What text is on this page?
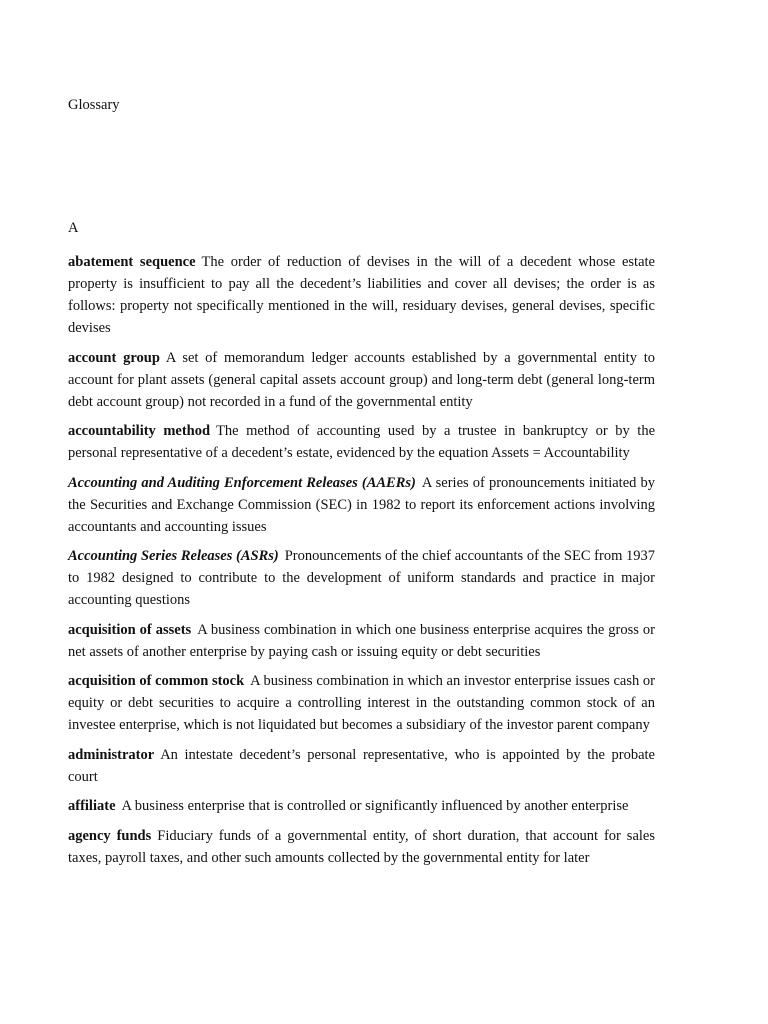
Glossary
A

abatement sequence The order of reduction of devises in the will of a decedent whose estate property is insufficient to pay all the decedent’s liabilities and cover all devises; the order is as follows: property not specifically mentioned in the will, residuary devises, general devises, specific devises

account group A set of memorandum ledger accounts established by a governmental entity to account for plant assets (general capital assets account group) and long-term debt (general long-term debt account group) not recorded in a fund of the governmental entity

accountability method The method of accounting used by a trustee in bankruptcy or by the personal representative of a decedent’s estate, evidenced by the equation Assets = Accountability

Accounting and Auditing Enforcement Releases (AAERs) A series of pronouncements initiated by the Securities and Exchange Commission (SEC) in 1982 to report its enforcement actions involving accountants and accounting issues

Accounting Series Releases (ASRs) Pronouncements of the chief accountants of the SEC from 1937 to 1982 designed to contribute to the development of uniform standards and practice in major accounting questions

acquisition of assets A business combination in which one business enterprise acquires the gross or net assets of another enterprise by paying cash or issuing equity or debt securities

acquisition of common stock A business combination in which an investor enterprise issues cash or equity or debt securities to acquire a controlling interest in the outstanding common stock of an investee enterprise, which is not liquidated but becomes a subsidiary of the investor parent company

administrator An intestate decedent’s personal representative, who is appointed by the probate court

affiliate A business enterprise that is controlled or significantly influenced by another enterprise

agency funds Fiduciary funds of a governmental entity, of short duration, that account for sales taxes, payroll taxes, and other such amounts collected by the governmental entity for later
